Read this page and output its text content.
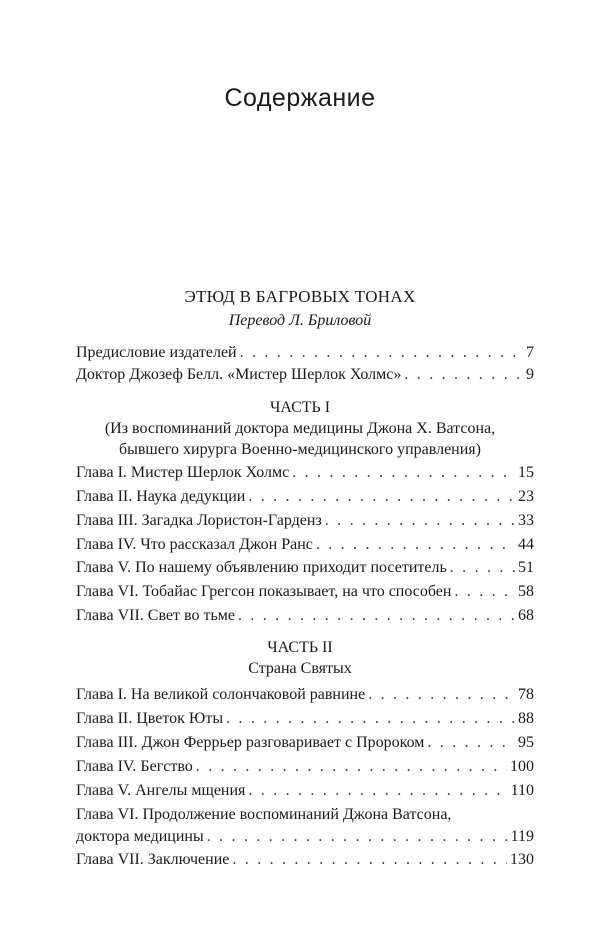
Содержание
ЭТЮД В БАГРОВЫХ ТОНАХ
Перевод Л. Бриловой
Предисловие издателей . . .	7
Доктор Джозеф Белл. «Мистер Шерлок Холмс» . . .	9
ЧАСТЬ I
(Из воспоминаний доктора медицины Джона Х. Ватсона,
бывшего хирурга Военно-медицинского управления)
Глава I. Мистер Шерлок Холмс . . .	15
Глава II. Наука дедукции . . .	23
Глава III. Загадка Лористон-Гарденз . . .	33
Глава IV. Что рассказал Джон Ранс . . .	44
Глава V. По нашему объявлению приходит посетитель . . .	51
Глава VI. Тобайас Грегсон показывает, на что способен . . .	58
Глава VII. Свет во тьме . . .	68
ЧАСТЬ II
Страна Святых
Глава I. На великой солончаковой равнине . . .	78
Глава II. Цветок Юты . . .	88
Глава III. Джон Феррьер разговаривает с Пророком . . .	95
Глава IV. Бегство . . .	100
Глава V. Ангелы мщения . . .	110
Глава VI. Продолжение воспоминаний Джона Ватсона,
доктора медицины . . .	119
Глава VII. Заключение . . .	130
